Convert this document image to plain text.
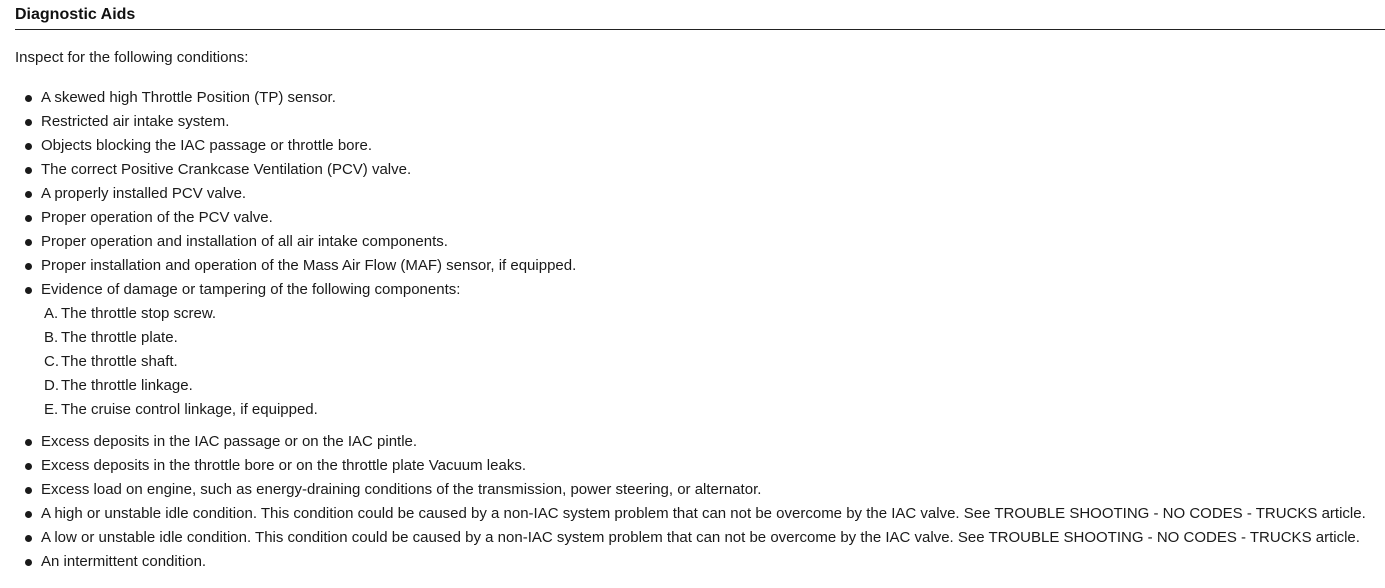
Diagnostic Aids

Inspect for the following conditions:

A skewed high Throttle Position (TP) sensor.
Restricted air intake system.
Objects blocking the IAC passage or throttle bore.
The correct Positive Crankcase Ventilation (PCV) valve.
A properly installed PCV valve.
Proper operation of the PCV valve.
Proper operation and installation of all air intake components.
Proper installation and operation of the Mass Air Flow (MAF) sensor, if equipped.
Evidence of damage or tampering of the following components:
A. The throttle stop screw.
B. The throttle plate.
C. The throttle shaft.
D. The throttle linkage.
E. The cruise control linkage, if equipped.
Excess deposits in the IAC passage or on the IAC pintle.
Excess deposits in the throttle bore or on the throttle plate Vacuum leaks.
Excess load on engine, such as energy-draining conditions of the transmission, power steering, or alternator.
A high or unstable idle condition. This condition could be caused by a non-IAC system problem that can not be overcome by the IAC valve. See TROUBLE SHOOTING - NO CODES - TRUCKS article.
A low or unstable idle condition. This condition could be caused by a non-IAC system problem that can not be overcome by the IAC valve. See TROUBLE SHOOTING - NO CODES - TRUCKS article.
An intermittent condition.
